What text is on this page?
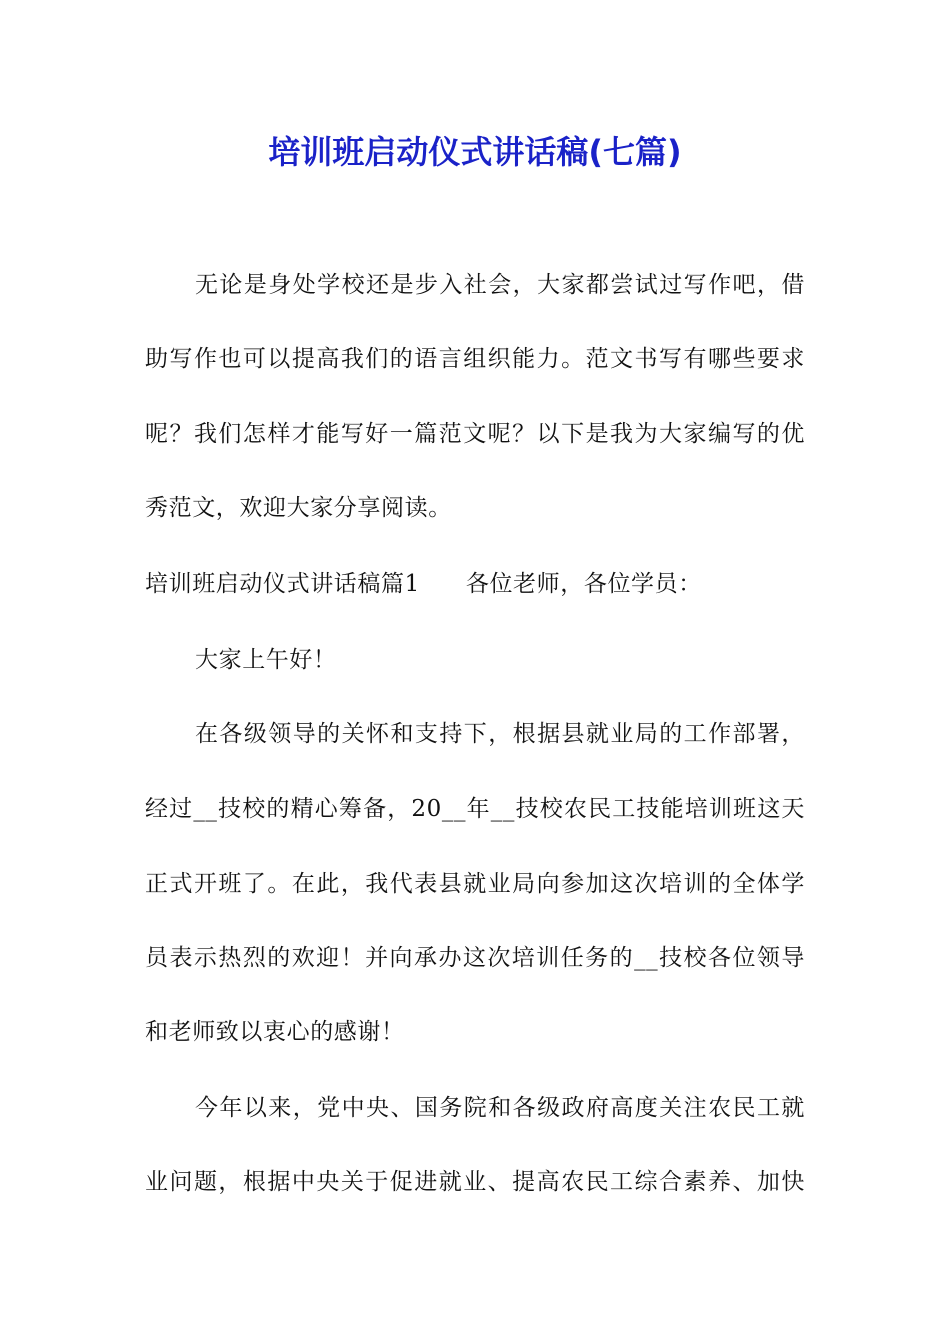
培训班启动仪式讲话稿(七篇)
无论是身处学校还是步入社会，大家都尝试过写作吧，借
助写作也可以提高我们的语言组织能力。范文书写有哪些要求
呢？我们怎样才能写好一篇范文呢？以下是我为大家编写的优
秀范文，欢迎大家分享阅读。
培训班启动仪式讲话稿篇1 各位老师，各位学员：
大家上午好！
在各级领导的关怀和支持下，根据县就业局的工作部署，
经过__技校的精心筹备，20__年__技校农民工技能培训班这天
正式开班了。在此，我代表县就业局向参加这次培训的全体学
员表示热烈的欢迎！并向承办这次培训任务的__技校各位领导
和老师致以衷心的感谢！
今年以来，党中央、国务院和各级政府高度关注农民工就
业问题，根据中央关于促进就业、提高农民工综合素养、加快
